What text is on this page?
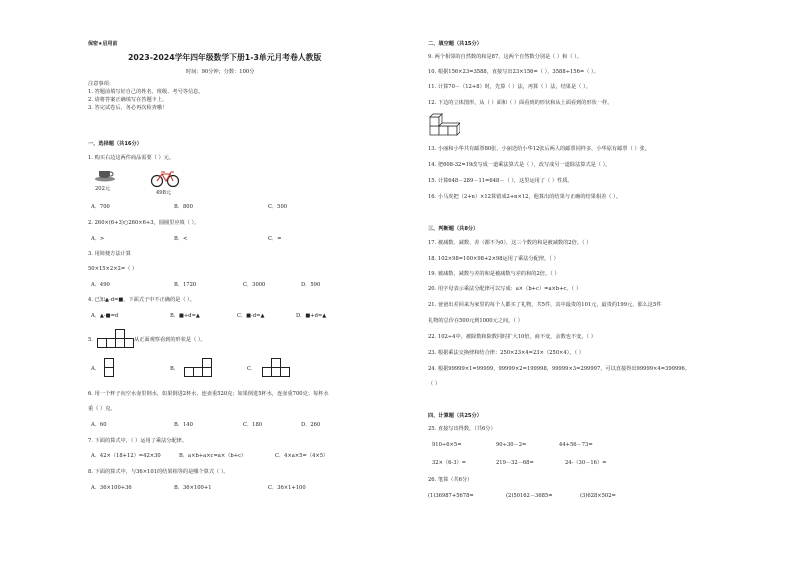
保密★启用前
2023-2024学年四年级数学下册1-3单元月考卷人教版
时间：90分钟；分数：100分
注意事项：
1. 答题前填写好自己的姓名、班级、考号等信息。
2. 请将答案正确填写在答题卡上。
3. 答完试卷后，务必再次检查哦！
一、选择题（共16分）
1. 购买右边这两件商品需要（ ）元。
202元
498元
A．700	B．800	C．500
2. 260×(6+3)○260×6+3，圆圈里应填（ ）。
A．>	B．<	C．=
3. 用简便方法计算
50×15×2×2=（ ）
A．490	B．1720	C．3000	D．590
4. 已知▲-d=■，下面式子中不正确的是（ ）。
A．▲-■=d	B．■+d=▲	C．■-d=▲	D．■+d=▲
5.	从正面观察看到的形状是（ ）。
A．	B．	C．
6. 用一个杯子向空水壶里倒水，如果倒进2杯水，连壶重520克；如果倒进5杯水，连壶重700克；每杯水
重（ ）克。
A．60	B．140	C．180	D．260
7. 下面的算式中，（ ）运用了乘法分配律。
A．42×（18+12）=42×30	B．a×b+a×c=a×（b+c）	C．4×a×5=（4×5）
8. 下面的算式中，与36×101的结果相等的是哪个算式（ ）。
A．36×100+36	B．36×100+1	C．36×1+100
二、填空题（共15分）
9. 两个相邻的自然数的和是87，这两个自然数分别是（ ）和（ ）。
10. 根据156×23=3588，直接写出23×156=（ ），3588÷156=（ ）。
11. 计算70－（12+8）时，先算（ ）法，再算（ ）法，结果是（ ）。
12. 下边的立体图形，从（ ）面和（ ）面看到的形状和从上面看到的形状一样。
13. 小丽和小华共有邮票80张，小丽送给小华12张后两人的邮票同样多，小华原有邮票（ ）张。
14. 把608-32=19改写成一道乘法算式是（ ），改写成另一道除法算式是（ ）。
15. 计算648－289－11=648－（ ），这里运用了（ ）性质。
16. 小马虎把（2+n）×12算错成2+n×12，他算出的结果与正确的结果相差（ ）。
三、判断题（共8分）
17. 被减数、减数、差（都不为0），这三个数的和是被减数的2倍。（ ）
18. 102×98=100×98+2×98运用了乘法分配律。（ ）
19. 被减数、减数与差的和是被减数与差的和的2倍。（ ）
20. 用字母表示乘法分配律可以写成：a×（b+c）=a×b+c。（ ）
21. 爸爸出差回来为家里的每个人都买了礼物，共5件，其中最贵的101元，最贵的199元，那么这5件
礼物的总价在500元到1000元之间。（ ）
22. 102÷4中，被除数和除数同时扩大10倍，商不变，余数也不变。（ ）
23. 根据乘法交换律和结合律：250×23×4=23×（250×4）。（ ）
24. 根据99999×1=99999，99999×2=199998，99999×3=299997，可以直接得出99999×4=399996。
（ ）
四、计算题（共25分）
25. 直接写出得数。（共6分）
910÷6×5=	90÷30－2=	44+56－73=
32×（6-3）=	219－32－68=	24-（30－16）=
26. 笔算（共6分）
(1)36987+5678=	(2)50162－3685=	(3)628×502=
